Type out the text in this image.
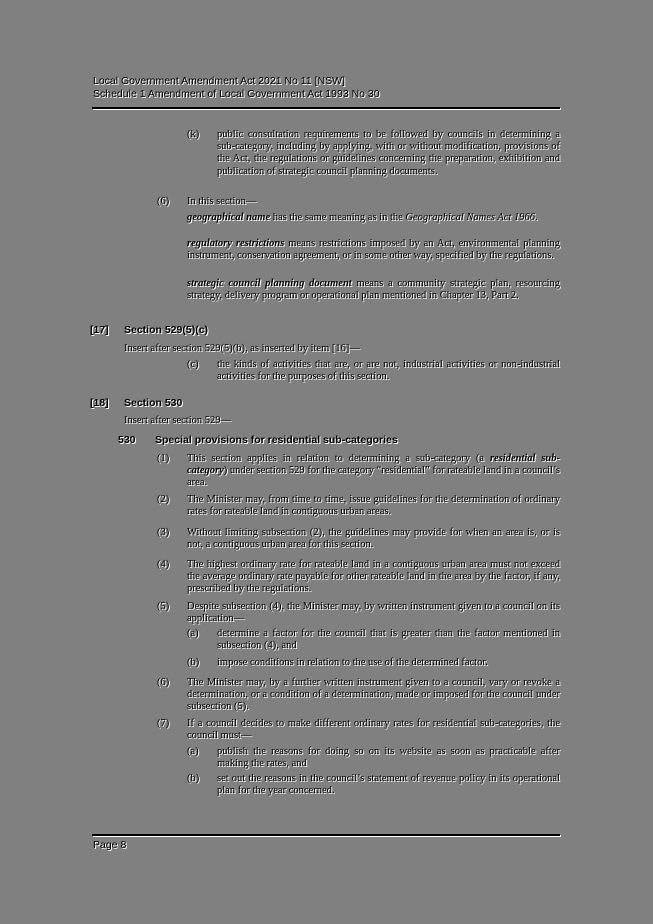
Local Government Amendment Act 2021 No 11 [NSW]
Schedule 1 Amendment of Local Government Act 1993 No 30
(k) public consultation requirements to be followed by councils in determining a sub-category, including by applying, with or without modification, provisions of the Act, the regulations or guidelines concerning the preparation, exhibition and publication of strategic council planning documents.
(6) In this section—
geographical name has the same meaning as in the Geographical Names Act 1966.
regulatory restrictions means restrictions imposed by an Act, environmental planning instrument, conservation agreement, or in some other way, specified by the regulations.
strategic council planning document means a community strategic plan, resourcing strategy, delivery program or operational plan mentioned in Chapter 13, Part 2.
[17] Section 529(5)(c)
Insert after section 529(5)(b), as inserted by item [16]—
(c) the kinds of activities that are, or are not, industrial activities or non-industrial activities for the purposes of this section.
[18] Section 530
Insert after section 529—
530 Special provisions for residential sub-categories
(1) This section applies in relation to determining a sub-category (a residential sub-category) under section 529 for the category “residential” for rateable land in a council’s area.
(2) The Minister may, from time to time, issue guidelines for the determination of ordinary rates for rateable land in contiguous urban areas.
(3) Without limiting subsection (2), the guidelines may provide for when an area is, or is not, a contiguous urban area for this section.
(4) The highest ordinary rate for rateable land in a contiguous urban area must not exceed the average ordinary rate payable for other rateable land in the area by the factor, if any, prescribed by the regulations.
(5) Despite subsection (4), the Minister may, by written instrument given to a council on its application—
(a) determine a factor for the council that is greater than the factor mentioned in subsection (4), and
(b) impose conditions in relation to the use of the determined factor.
(6) The Minister may, by a further written instrument given to a council, vary or revoke a determination, or a condition of a determination, made or imposed for the council under subsection (5).
(7) If a council decides to make different ordinary rates for residential sub-categories, the council must—
(a) publish the reasons for doing so on its website as soon as practicable after making the rates, and
(b) set out the reasons in the council’s statement of revenue policy in its operational plan for the year concerned.
Page 8
